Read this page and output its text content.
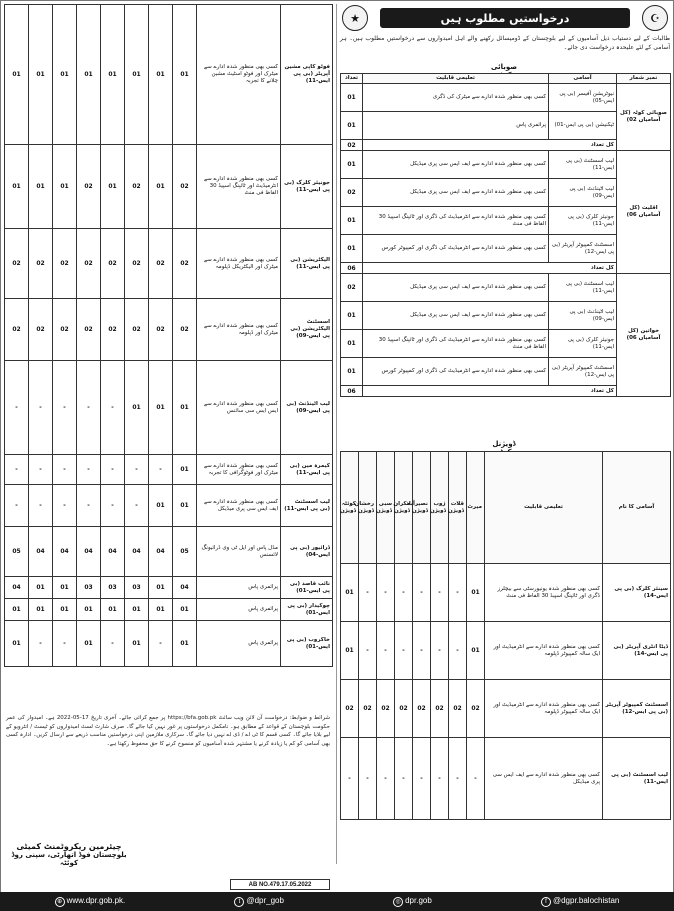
★	درخواستیں مطلوب ہیں	☪
طالبات کے لیے دستیاب ذیل آسامیوں کے لیے بلوچستان کے ڈومیسائل رکھنے والے اہل امیدواروں سے درخواستیں مطلوب ہیں۔ ہر آسامی کے لئے علیحدہ درخواست دی جائے۔
صوبائی
تعداد	تعلیمی قابلیت	آسامی	نمبر شمار
01	کسی بھی منظور شدہ ادارے سے میٹرک کی ڈگری	نیوٹریشن آفیسر (بی پی ایس-05)	صوبائی کوٹہ (کل آسامیاں 02)
01	پرائمری پاس	ٹیکنیشن (بی پی ایس-01)	
02	کل تعداد		
01	کسی بھی منظور شدہ ادارے سے ایف ایس سی پری میڈیکل	لیب اسسٹنٹ (بی پی ایس-11)	اقلیت (کل آسامیاں 06)
02	کسی بھی منظور شدہ ادارے سے ایف ایس سی پری میڈیکل	لیب اٹینڈنٹ (بی پی ایس-09)	
01	کسی بھی منظور شدہ ادارے سے انٹرمیڈیٹ کی ڈگری اور ٹائپنگ اسپیڈ 30 الفاظ فی منٹ	جونیئر کلرک (بی پی ایس-11)	
01	کسی بھی منظور شدہ ادارے سے انٹرمیڈیٹ کی ڈگری اور کمپیوٹر کورس	اسسٹنٹ کمپیوٹر آپریٹر (بی پی ایس-12)	
06	کل تعداد		
02	کسی بھی منظور شدہ ادارے سے ایف ایس سی پری میڈیکل	لیب اسسٹنٹ (بی پی ایس-11)	خواتین (کل آسامیاں 06)
01	کسی بھی منظور شدہ ادارے سے ایف ایس سی پری میڈیکل	لیب اٹینڈنٹ (بی پی ایس-09)	
01	کسی بھی منظور شدہ ادارے سے انٹرمیڈیٹ کی ڈگری اور ٹائپنگ اسپیڈ 30 الفاظ فی منٹ	جونیئر کلرک (بی پی ایس-11)	
01	کسی بھی منظور شدہ ادارے سے انٹرمیڈیٹ کی ڈگری اور کمپیوٹر کورس	اسسٹنٹ کمپیوٹر آپریٹر (بی پی ایس-12)	
06	کل تعداد		
ڈویژنل
کوئٹہ ڈویژن	رخشان ڈویژن	سبی ڈویژن	مکران ڈویژن	نصیرآباد ڈویژن	ژوب ڈویژن	قلات ڈویژن	میرٹ	تعلیمی قابلیت	آسامی کا نام
01	-	-	-	-	-	-	01	کسی بھی منظور شدہ یونیورسٹی سے بیچلرز ڈگری اور ٹائپنگ اسپیڈ 30 الفاظ فی منٹ	سینئر کلرک (بی پی ایس-14)
01	-	-	-	-	-	-	01	کسی بھی منظور شدہ ادارے سے انٹرمیڈیٹ اور ایک سالہ کمپیوٹر ڈپلومہ	ڈیٹا انٹری آپریٹر (بی پی ایس-14)
02	02	02	02	02	02	02	02	کسی بھی منظور شدہ ادارے سے انٹرمیڈیٹ اور ایک سالہ کمپیوٹر ڈپلومہ	اسسٹنٹ کمپیوٹر آپریٹر (بی پی ایس-12)
-	-	-	-	-	-	-	-	کسی بھی منظور شدہ ادارے سے ایف ایس سی پری میڈیکل	لیب اسسٹنٹ (بی پی ایس-11)
01	01	01	01	01	01	01	01	کسی بھی منظور شدہ ادارے سے میٹرک اور فوٹو اسٹیٹ مشین چلانے کا تجربہ	فوٹو کاپی مشین آپریٹر (بی پی ایس-11)
01	01	01	02	01	02	01	02	کسی بھی منظور شدہ ادارے سے انٹرمیڈیٹ اور ٹائپنگ اسپیڈ 30 الفاظ فی منٹ	جونیئر کلرک (بی پی ایس-11)
02	02	02	02	02	02	02	02	کسی بھی منظور شدہ ادارے سے میٹرک اور الیکٹریکل ڈپلومہ	الیکٹریشن (بی پی ایس-11)
02	02	02	02	02	02	02	02	کسی بھی منظور شدہ ادارے سے میٹرک اور ڈپلومہ	اسسٹنٹ الیکٹریشن (بی پی ایس-09)
-	-	-	-	-	01	01	01	کسی بھی منظور شدہ ادارے سے ایس ایس سی سائنس	لیب اٹینڈنٹ (بی پی ایس-09)
-	-	-	-	-	-	-	01	کسی بھی منظور شدہ ادارے سے میٹرک اور فوٹوگرافی کا تجربہ	کیمرہ مین (بی پی ایس-11)
-	-	-	-	-	-	01	01	کسی بھی منظور شدہ ادارے سے ایف ایس سی پری میڈیکل	لیب اسسٹنٹ (بی پی ایس-11)
05	04	04	04	04	04	04	05	مڈل پاس اور ایل ٹی وی ڈرائیونگ لائسنس	ڈرائیور (بی پی ایس-04)
04	01	01	03	03	03	01	04	پرائمری پاس	نائب قاصد (بی پی ایس-01)
01	01	01	01	01	01	01	01	پرائمری پاس	چوکیدار (بی پی ایس-01)
01	-	-	01	-	01	-	01	پرائمری پاس	خاکروب (بی پی ایس-01)
شرائط و ضوابط: درخواست آن لائن ویب سائٹ https://bfa.gob.pk پر جمع کرائی جائے۔ آخری تاریخ 17-05-2022 ہے۔ امیدوار کی عمر حکومت بلوچستان کے قواعد کے مطابق ہو۔ نامکمل درخواستوں پر غور نہیں کیا جائے گا۔ صرف شارٹ لسٹ امیدواروں کو ٹیسٹ / انٹرویو کے لیے بلایا جائے گا۔ کسی قسم کا ٹی اے / ڈی اے نہیں دیا جائے گا۔ سرکاری ملازمین اپنی درخواستیں مناسب ذریعے سے ارسال کریں۔ ادارہ کسی بھی آسامی کو کم یا زیادہ کرنے یا مشتہر شدہ آسامیوں کو منسوخ کرنے کا حق محفوظ رکھتا ہے۔
چیئرمین ریکروٹمنٹ کمیٹی
بلوچستان فوڈ اتھارٹی، سپنی روڈ کوئٹہ
AB NO.479.17.05.2022
⊕ www.dpr.gob.pk.	t @dpr_gob	◎ dpr.gob	f @dgpr.balochistan
